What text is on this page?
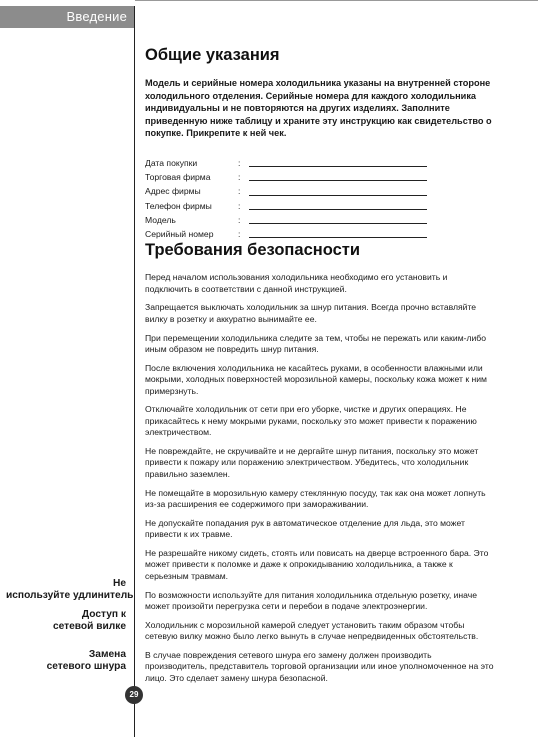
Введение
Общие указания

Модель и серийные номера холодильника указаны на внутренней стороне холодильного отделения. Серийные номера для каждого холодильника индивидуальны и не повторяются на других изделиях. Заполните приведенную ниже таблицу и храните эту инструкцию как свидетельство о покупке. Прикрепите к ней чек.

Дата покупки	:
Торговая фирма	:
Адрес фирмы	:
Телефон фирмы	:
Модель	:
Серийный номер	:
Требования безопасности

Перед началом использования холодильника необходимо его установить и подключить в соответствии с данной инструкцией.

Запрещается выключать холодильник за шнур питания. Всегда прочно вставляйте вилку в розетку и аккуратно вынимайте ее.

При перемещении холодильника следите за тем, чтобы не пережать или каким-либо иным образом не повредить шнур питания.

После включения холодильника не касайтесь руками, в особенности влажными или мокрыми, холодных поверхностей морозильной камеры, поскольку кожа может к ним примерзнуть.

Отключайте холодильник от сети при его уборке, чистке и других операциях. Не прикасайтесь к нему мокрыми руками, поскольку это может привести к поражению электричеством.

Не повреждайте, не скручивайте и не дергайте шнур питания, поскольку это может привести к пожару или поражению электричеством. Убедитесь, что холодильник правильно заземлен.

Не помещайте в морозильную камеру стеклянную посуду, так как она может лопнуть из-за расширения ее содержимого при замораживании.

Не допускайте попадания рук в автоматическое отделение для льда, это может привести к их травме.

Не разрешайте никому сидеть, стоять или повисать на дверце встроенного бара. Это может привести к поломке и даже к опрокидыванию холодильника, а также к серьезным травмам.

По возможности используйте для питания холодильника отдельную розетку, иначе может произойти перегрузка сети и перебои в подаче электроэнергии.

Холодильник с морозильной камерой следует установить таким образом чтобы сетевую вилку можно было легко вынуть в случае непредвиденных обстоятельств.

В случае повреждения сетевого шнура его замену должен производить производитель, представитель торговой организации или иное уполномоченное на это лицо. Это сделает замену шнура безопасной.

Не
используйте удлинитель
Доступ к
сетевой вилке
Замена
сетевого шнура
29
